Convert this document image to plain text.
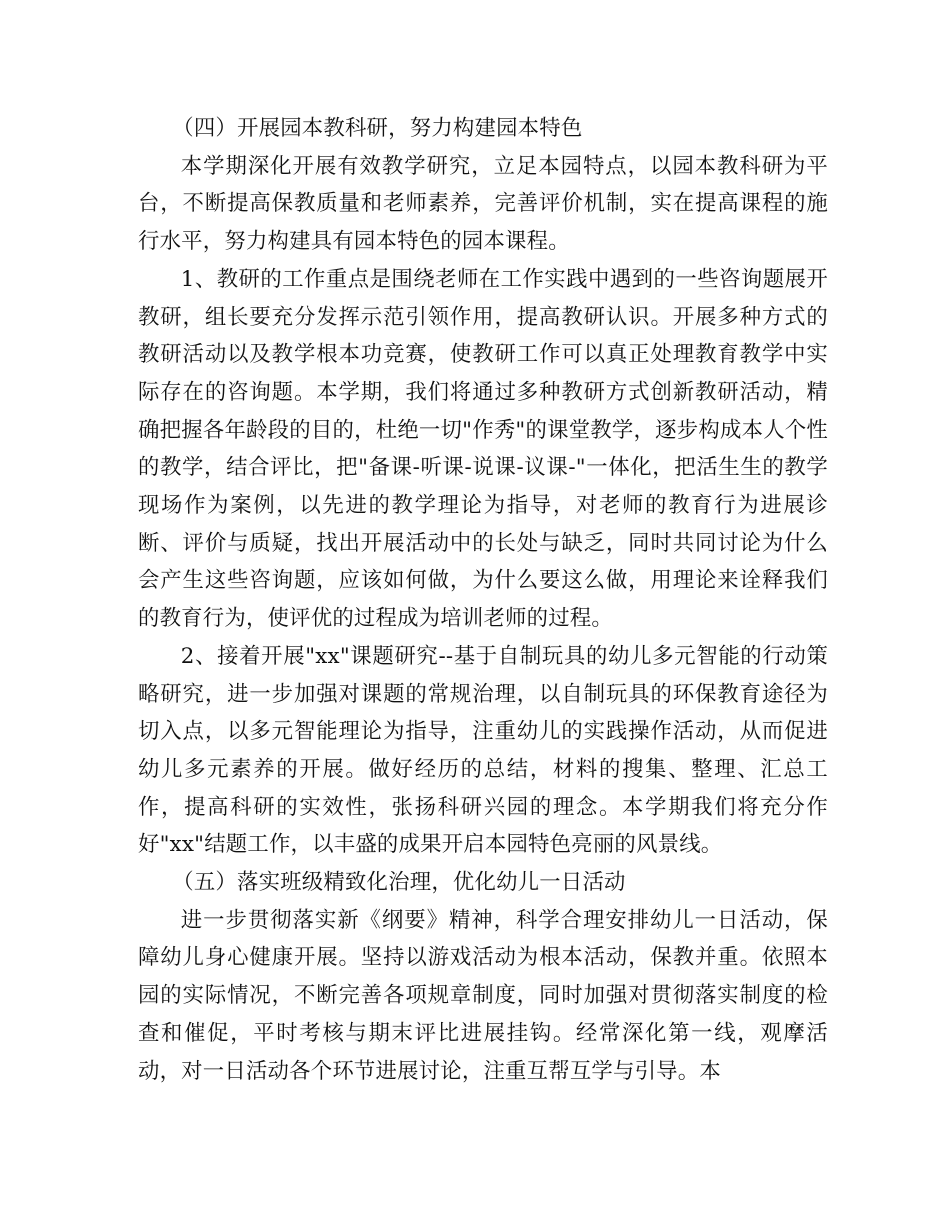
（四）开展园本教科研，努力构建园本特色

本学期深化开展有效教学研究，立足本园特点，以园本教科研为平台，不断提高保教质量和老师素养，完善评价机制，实在提高课程的施行水平，努力构建具有园本特色的园本课程。

1、教研的工作重点是围绕老师在工作实践中遇到的一些咨询题展开教研，组长要充分发挥示范引领作用，提高教研认识。开展多种方式的教研活动以及教学根本功竞赛，使教研工作可以真正处理教育教学中实际存在的咨询题。本学期，我们将通过多种教研方式创新教研活动，精确把握各年龄段的目的，杜绝一切"作秀"的课堂教学，逐步构成本人个性的教学，结合评比，把"备课-听课-说课-议课-"一体化，把活生生的教学现场作为案例，以先进的教学理论为指导，对老师的教育行为进展诊断、评价与质疑，找出开展活动中的长处与缺乏，同时共同讨论为什么会产生这些咨询题，应该如何做，为什么要这么做，用理论来诠释我们的教育行为，使评优的过程成为培训老师的过程。

2、接着开展"xx"课题研究--基于自制玩具的幼儿多元智能的行动策略研究，进一步加强对课题的常规治理，以自制玩具的环保教育途径为切入点，以多元智能理论为指导，注重幼儿的实践操作活动，从而促进幼儿多元素养的开展。做好经历的总结，材料的搜集、整理、汇总工作，提高科研的实效性，张扬科研兴园的理念。本学期我们将充分作好"xx"结题工作，以丰盛的成果开启本园特色亮丽的风景线。

（五）落实班级精致化治理，优化幼儿一日活动

进一步贯彻落实新《纲要》精神，科学合理安排幼儿一日活动，保障幼儿身心健康开展。坚持以游戏活动为根本活动，保教并重。依照本园的实际情况，不断完善各项规章制度，同时加强对贯彻落实制度的检查和催促，平时考核与期末评比进展挂钩。经常深化第一线，观摩活动，对一日活动各个环节进展讨论，注重互帮互学与引导。本
